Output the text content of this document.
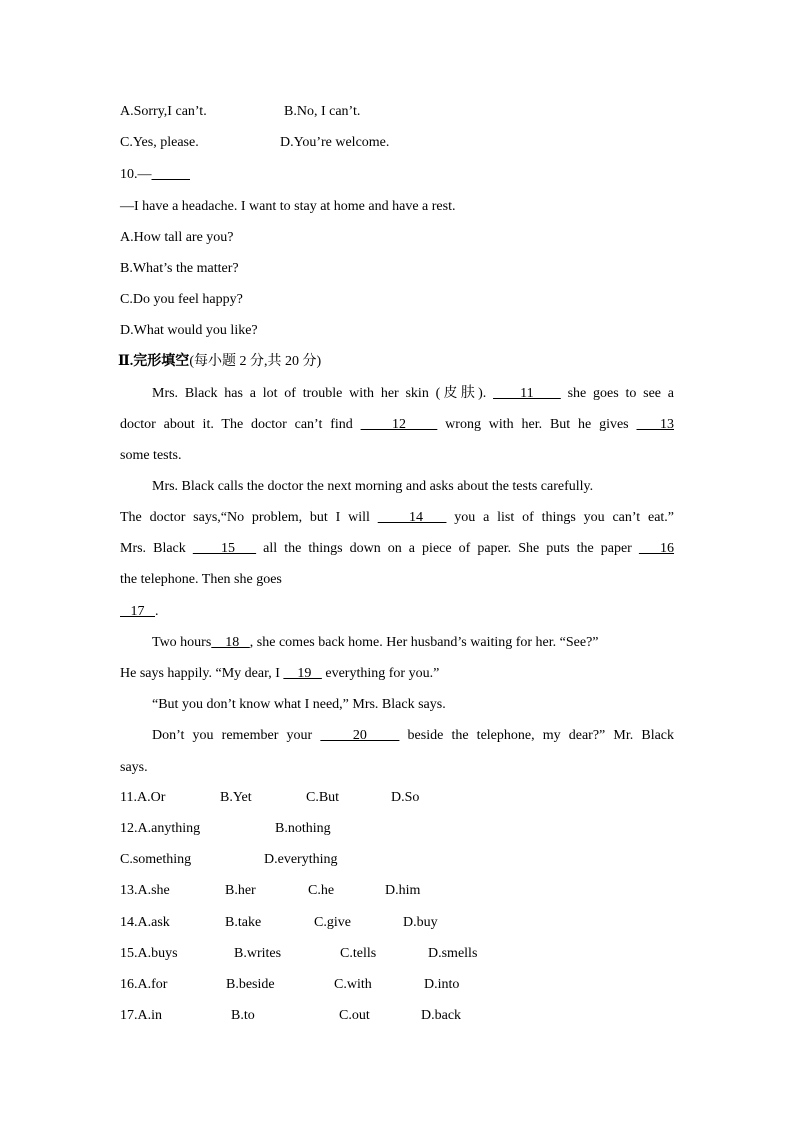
A.Sorry,I can’t.	B.No, I can’t.
C.Yes, please.	D.You’re welcome.
10.—
—I have a headache. I want to stay at home and have a rest.
A.How tall are you?
B.What’s the matter?
C.Do you feel happy?
D.What would you like?
Ⅱ.完形填空(每小题 2 分,共 20 分)
Mrs. Black has a lot of trouble with her skin (皮肤).     11     she goes to see a
doctor about it. The doctor can’t find     12     wrong with her. But he gives    13
some tests.
Mrs. Black calls the doctor the next morning and asks about the tests carefully.
The doctor says,“No problem, but I will     14    you a list of things you can’t eat.”
Mrs. Black     15    all the things down on a piece of paper. She puts the paper    16
the telephone. Then she goes
17   .
Two hours    18   , she comes back home. Her husband’s waiting for her. “See?”
He says happily. “My dear, I     19    everything for you.”
“But you don’t know what I need,” Mrs. Black says.
Don’t you remember your     20     beside the telephone, my dear?” Mr. Black
says.
11.A.Or	B.Yet	C.But	D.So
12.A.anything	B.nothing
C.something	D.everything
13.A.she	B.her	C.he	D.him
14.A.ask	B.take	C.give	D.buy
15.A.buys	B.writes	C.tells	D.smells
16.A.for	B.beside	C.with	D.into
17.A.in	B.to	C.out	D.back
